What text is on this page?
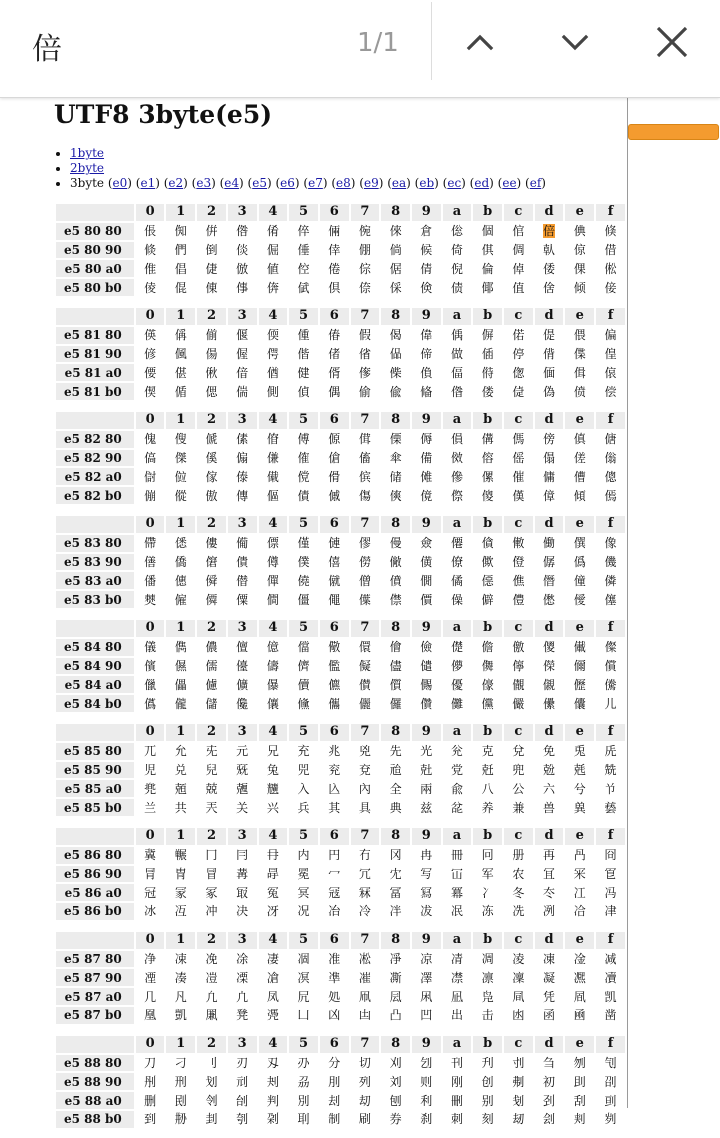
倍	1/1
UTF8 3byte(e5)
• 1byte
• 2byte
• 3byte (e0) (e1) (e2) (e3) (e4) (e5) (e6) (e7) (e8) (e9) (ea) (eb) (ec) (ed) (ee) (ef)
	0	1	2	3	4	5	6	7	8	9	a	b	c	d	e	f
e5 80 80	倀	倁	倂	倃	倄	倅	倆	倇	倈	倉	倊	個	倌	倍	倎	倏
e5 80 90	倐	們	倒	倓	倔	倕	倖	倗	倘	候	倚	倛	倜	倝	倞	借
e5 80 a0	倠	倡	倢	倣	値	倥	倦	倧	倨	倩	倪	倫	倬	倭	倮	倯
e5 80 b0	倰	倱	倲	倳	倴	倵	倶	倷	倸	倹	债	倻	值	倽	倾	倿
	0	1	2	3	4	5	6	7	8	9	a	b	c	d	e	f
e5 81 80	偀	偁	偂	偃	偄	偅	偆	假	偈	偉	偊	偋	偌	偍	偎	偏
e5 81 90	偐	偑	偒	偓	偔	偕	偖	偗	偘	偙	做	偛	停	偝	偞	偟
e5 81 a0	偠	偡	偢	偣	偤	健	偦	偧	偨	偩	偪	偫	偬	偭	偮	偯
e5 81 b0	偰	偱	偲	偳	側	偵	偶	偷	偸	偹	偺	偻	偼	偽	偾	偿
	0	1	2	3	4	5	6	7	8	9	a	b	c	d	e	f
e5 82 80	傀	傁	傂	傃	傄	傅	傆	傇	傈	傉	傊	傋	傌	傍	傎	傏
e5 82 90	傐	傑	傒	傓	傔	傕	傖	傗	傘	備	傚	傛	傜	傝	傞	傟
e5 82 a0	傠	傡	傢	傣	傤	傥	傦	傧	储	傩	傪	傫	催	傭	傮	傯
e5 82 b0	傰	傱	傲	傳	傴	債	傶	傷	傸	傹	傺	傻	傼	傽	傾	傿
	0	1	2	3	4	5	6	7	8	9	a	b	c	d	e	f
e5 83 80	僀	僁	僂	僃	僄	僅	僆	僇	僈	僉	僊	僋	僌	働	僎	像
e5 83 90	僐	僑	僒	僓	僔	僕	僖	僗	僘	僙	僚	僛	僜	僝	僞	僟
e5 83 a0	僠	僡	僢	僣	僤	僥	僦	僧	僨	僩	僪	僫	僬	僭	僮	僯
e5 83 b0	僰	僱	僲	僳	僴	僵	僶	僷	僸	價	僺	僻	僼	僽	僾	僿
	0	1	2	3	4	5	6	7	8	9	a	b	c	d	e	f
e5 84 80	儀	儁	儂	儃	億	儅	儆	儇	儈	儉	儊	儋	儌	儍	儎	儏
e5 84 90	儐	儑	儒	儓	儔	儕	儖	儗	儘	儙	儚	儛	儜	儝	儞	償
e5 84 a0	儠	儡	儢	儣	儤	儥	儦	儧	儨	儩	優	儫	儬	儭	儮	儯
e5 84 b0	儰	儱	儲	儳	儴	儵	儶	儷	儸	儹	儺	儻	儼	儽	儾	儿
	0	1	2	3	4	5	6	7	8	9	a	b	c	d	e	f
e5 85 80	兀	允	兂	元	兄	充	兆	兇	先	光	兊	克	兌	免	兎	兏
e5 85 90	児	兑	兒	兓	兔	兕	兖	兗	兘	兙	党	兛	兜	兝	兞	兟
e5 85 a0	兠	兡	兢	兣	兤	入	兦	內	全	兩	兪	八	公	六	兮	兯
e5 85 b0	兰	共	兲	关	兴	兵	其	具	典	兹	兺	养	兼	兽	兾	兿
	0	1	2	3	4	5	6	7	8	9	a	b	c	d	e	f
e5 86 80	冀	冁	冂	冃	冄	内	円	冇	冈	冉	冊	冋	册	再	冎	冏
e5 86 90	冐	冑	冒	冓	冔	冕	冖	冗	冘	写	冚	军	农	冝	冞	冟
e5 86 a0	冠	冡	冢	冣	冤	冥	冦	冧	冨	冩	冪	冫	冬	冭	冮	冯
e5 86 b0	冰	冱	冲	决	冴	况	冶	冷	冸	冹	冺	冻	冼	冽	冾	冿
	0	1	2	3	4	5	6	7	8	9	a	b	c	d	e	f
e5 87 80	净	凁	凂	凃	凄	凅	准	凇	凈	凉	凊	凋	凌	凍	凎	减
e5 87 90	凐	凑	凒	凓	凔	凕	凖	凗	凘	凙	凚	凛	凜	凝	凞	凟
e5 87 a0	几	凡	凢	凣	凤	凥	処	凧	凨	凩	凪	凫	凬	凭	凮	凯
e5 87 b0	凰	凱	凲	凳	凴	凵	凶	凷	凸	凹	出	击	凼	函	凾	凿
	0	1	2	3	4	5	6	7	8	9	a	b	c	d	e	f
e5 88 80	刀	刁	刂	刃	刄	刅	分	切	刈	刉	刊	刋	刌	刍	刎	刏
e5 88 90	刐	刑	划	刓	刔	刕	刖	列	刘	则	刚	创	刜	初	刞	刟
e5 88 a0	删	刡	刢	刣	判	別	刦	刧	刨	利	刪	别	刬	刭	刮	刯
e5 88 b0	到	刱	刲	刳	刴	刵	制	刷	券	刹	刺	刻	刼	刽	刾	刿
